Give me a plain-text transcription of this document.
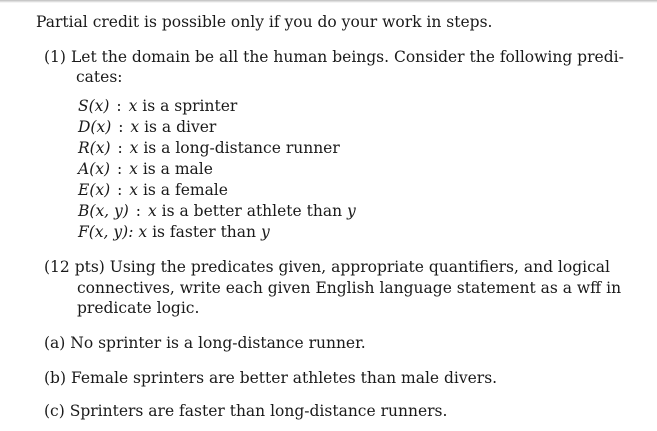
Partial credit is possible only if you do your work in steps.
(1) Let the domain be all the human beings. Consider the following predi-
cates:
S(x) : x is a sprinter
D(x) : x is a diver
R(x) : x is a long-distance runner
A(x) : x is a male
E(x) : x is a female
B(x, y) : x is a better athlete than y
F(x, y): x is faster than y
(12 pts) Using the predicates given, appropriate quantifiers, and logical
connectives, write each given English language statement as a wff in
predicate logic.
(a) No sprinter is a long-distance runner.
(b) Female sprinters are better athletes than male divers.
(c) Sprinters are faster than long-distance runners.
